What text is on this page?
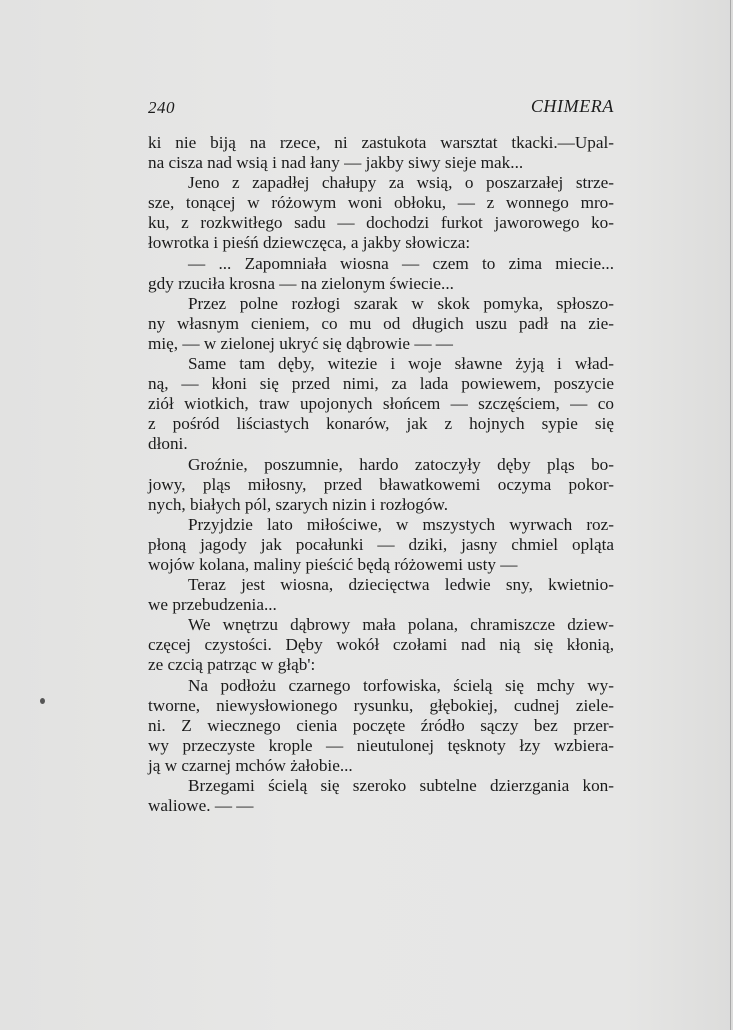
240	CHIMERA
ki nie biją na rzece, ni zastukota warsztat tkacki.—Upal-
na cisza nad wsią i nad łany — jakby siwy sieje mak...
Jeno z zapadłej chałupy za wsią, o poszarzałej strze-
sze, tonącej w różowym woni obłoku, — z wonnego mro-
ku, z rozkwitłego sadu — dochodzi furkot jaworowego ko-
łowrotka i pieśń dziewczęca, a jakby słowicza:
— ... Zapomniała wiosna — czem to zima miecie...
gdy rzuciła krosna — na zielonym świecie...
Przez polne rozłogi szarak w skok pomyka, spłoszo-
ny własnym cieniem, co mu od długich uszu padł na zie-
mię, — w zielonej ukryć się dąbrowie — —
Same tam dęby, witezie i woje sławne żyją i wład-
ną, — kłoni się przed nimi, za lada powiewem, poszycie
ziół wiotkich, traw upojonych słońcem — szczęściem, — co
z pośród liściastych konarów, jak z hojnych sypie się
dłoni.
Groźnie, poszumnie, hardo zatoczyły dęby pląs bo-
jowy, pląs miłosny, przed bławatkowemi oczyma pokor-
nych, białych pól, szarych nizin i rozłogów.
Przyjdzie lato miłościwe, w mszystych wyrwach roz-
płoną jagody jak pocałunki — dziki, jasny chmiel opląta
wojów kolana, maliny pieścić będą różowemi usty —
Teraz jest wiosna, dziecięctwa ledwie sny, kwietnio-
we przebudzenia...
We wnętrzu dąbrowy mała polana, chramiszcze dziew-
częcej czystości. Dęby wokół czołami nad nią się kłonią,
ze czcią patrząc w głąb':
Na podłożu czarnego torfowiska, ścielą się mchy wy-
tworne, niewysłowionego rysunku, głębokiej, cudnej ziele-
ni. Z wiecznego cienia poczęte źródło sączy bez przer-
wy przeczyste krople — nieutulonej tęsknoty łzy wzbiera-
ją w czarnej mchów żałobie...
Brzegami ścielą się szeroko subtelne dzierzgania kon-
waliowe. — —
